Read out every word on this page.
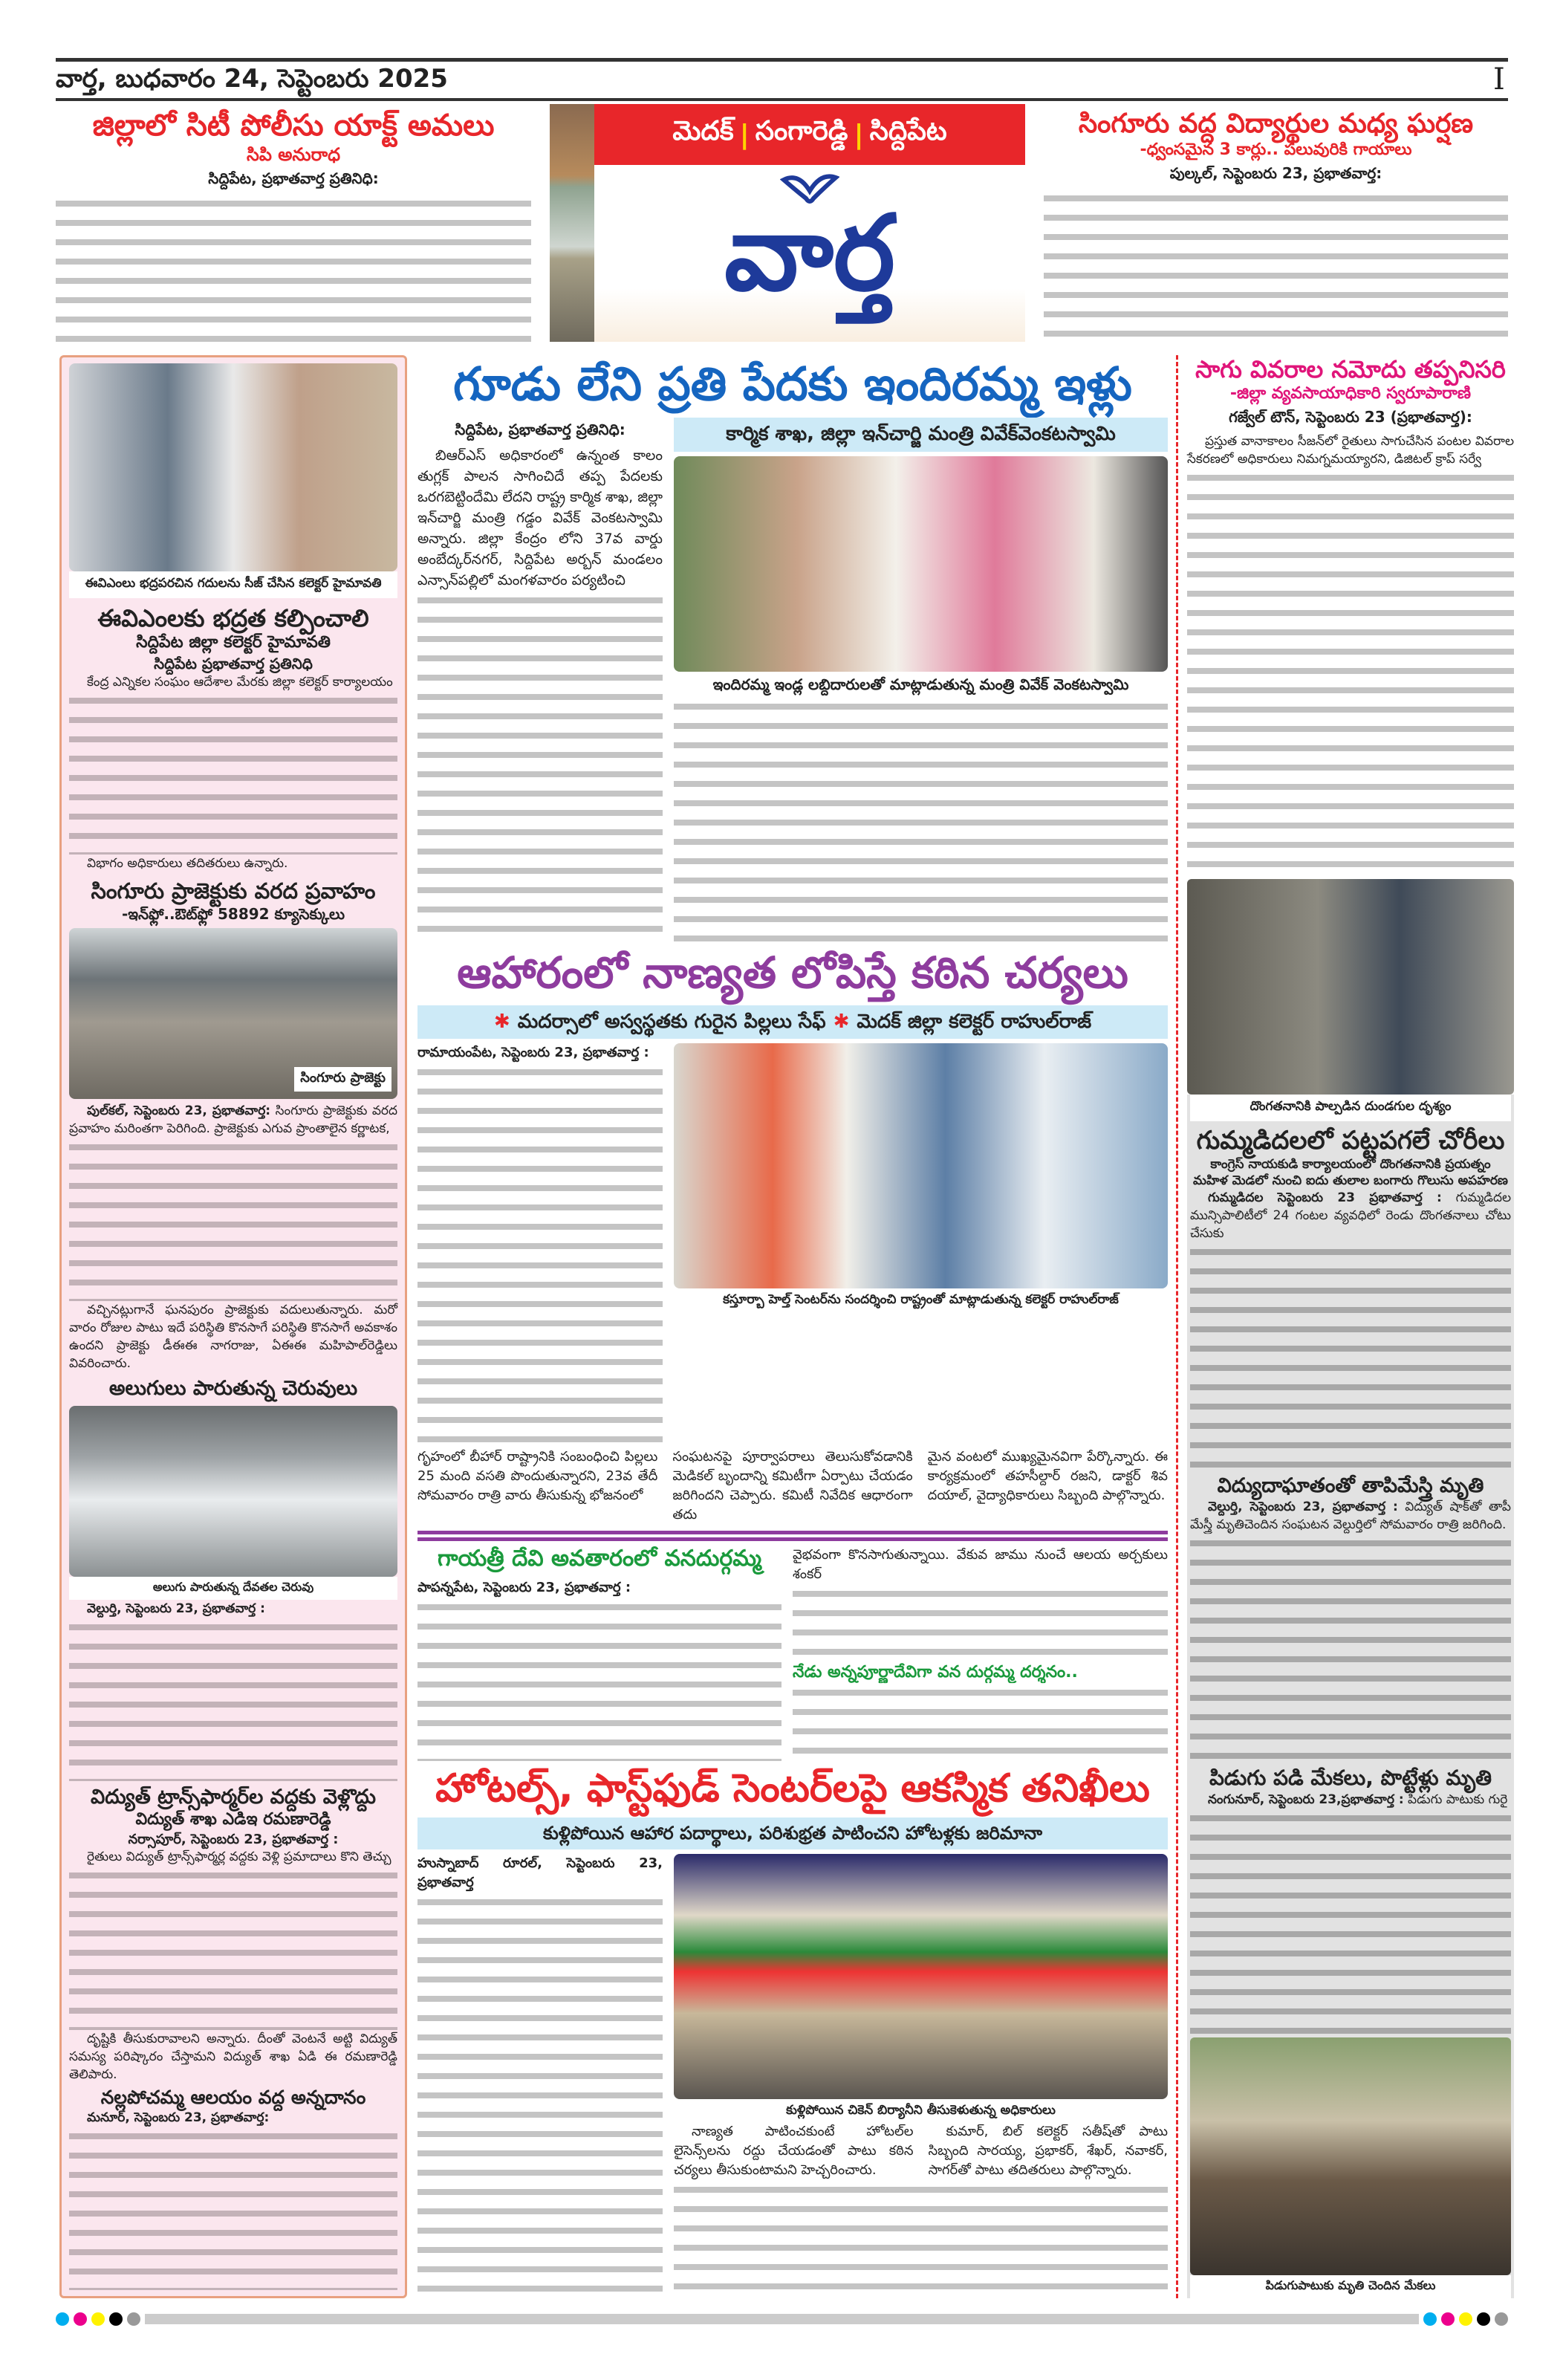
వార్త, బుధవారం 24, సెప్టెంబరు 2025	I
జిల్లాలో సిటీ పోలీసు యాక్ట్ అమలు
సిపి అనురాధ
సిద్దిపేట, ప్రభాతవార్త ప్రతినిధి:
మెదక్ | సంగారెడ్డి | సిద్దిపేట
వార్త
సింగూరు వద్ద విద్యార్థుల మధ్య ఘర్షణ
-ధ్వంసమైన 3 కార్లు.. పలువురికి గాయాలు
పుల్కల్, సెప్టెంబరు 23, ప్రభాతవార్త:
ఈవిఎంలు భద్రపరచిన గదులను సీజ్ చేసిన కలెక్టర్ హైమావతి
ఈవిఎంలకు భద్రత కల్పించాలి
సిద్దిపేట జిల్లా కలెక్టర్ హైమావతి
సిద్దిపేట ప్రభాతవార్త ప్రతినిధి
కేంద్ర ఎన్నికల సంఘం ఆదేశాల మేరకు జిల్లా కలెక్టర్ కార్యాలయం
విభాగం అధికారులు తదితరులు ఉన్నారు.
సింగూరు ప్రాజెక్టుకు వరద ప్రవాహం
-ఇన్‌ఫ్లో..ఔట్‌ఫ్లో 58892 క్యూసెక్కులు
సింగూరు ప్రాజెక్టు
పుల్‌కల్, సెప్టెంబరు 23, ప్రభాతవార్త: సింగూరు ప్రాజెక్టుకు వరద ప్రవాహం మరింతగా పెరిగింది. ప్రాజెక్టుకు ఎగువ ప్రాంతాలైన కర్ణాటక,
వచ్చినట్లుగానే ఘనపురం ప్రాజెక్టుకు వదులుతున్నారు. మరో వారం రోజుల పాటు ఇదే పరిస్థితి కొనసాగే పరిస్థితి కొనసాగే అవకాశం ఉందని ప్రాజెక్టు డీఈఈ నాగరాజు, ఏఈఈ మహిపాల్‌రెడ్డిలు వివరించారు.
అలుగులు పారుతున్న చెరువులు
అలుగు పారుతున్న దేవతల చెరువు
వెల్దుర్తి, సెప్టెంబరు 23, ప్రభాతవార్త :
విద్యుత్ ట్రాన్స్‌ఫార్మర్‌ల వద్దకు వెళ్లొద్దు
విద్యుత్ శాఖ ఎడిఇ రమణారెడ్డి
నర్సాపూర్, సెప్టెంబరు 23, ప్రభాతవార్త :
రైతులు విద్యుత్ ట్రాన్స్‌ఫార్మర్ల వద్దకు వెళ్లి ప్రమాదాలు కొని తెచ్చు
దృష్టికి తీసుకురావాలని అన్నారు. దీంతో వెంటనే అట్టి విద్యుత్ సమస్య పరిష్కారం చేస్తామని విద్యుత్ శాఖ ఏడి ఈ రమణారెడ్డి తెలిపారు.
నల్లపోచమ్మ ఆలయం వద్ద అన్నదానం
మనూర్, సెప్టెంబరు 23, ప్రభాతవార్త:
గూడు లేని ప్రతి పేదకు ఇందిరమ్మ ఇళ్లు
సిద్దిపేట, ప్రభాతవార్త ప్రతినిధి:
బిఆర్ఎస్ అధికారంలో ఉన్నంత కాలం తుగ్లక్ పాలన సాగించిదే తప్ప పేదలకు ఒరగబెట్టిందేమి లేదని రాష్ట్ర కార్మిక శాఖ, జిల్లా ఇన్‌చార్జి మంత్రి గడ్డం వివేక్ వెంకటస్వామి అన్నారు. జిల్లా కేంద్రం లోని 37వ వార్డు అంబేద్కర్‌నగర్, సిద్దిపేట అర్బన్ మండలం ఎన్సాన్‌పల్లిలో మంగళవారం పర్యటించి
కార్మిక శాఖ, జిల్లా ఇన్‌చార్జి మంత్రి వివేక్‌వెంకటస్వామి
ఇందిరమ్మ ఇండ్ల లబ్దిదారులతో మాట్లాడుతున్న మంత్రి వివేక్ వెంకటస్వామి
ఆహారంలో నాణ్యత లోపిస్తే కఠిన చర్యలు
✱ మదర్సాలో అస్వస్థతకు గురైన పిల్లలు సేఫ్ ✱ మెదక్ జిల్లా కలెక్టర్ రాహుల్‌రాజ్
రామాయంపేట, సెప్టెంబరు 23, ప్రభాతవార్త :
కస్తూర్బా హెల్త్ సెంటర్‌ను సందర్శించి రాష్ట్రంతో మాట్లాడుతున్న కలెక్టర్ రాహుల్‌రాజ్
గృహంలో బీహార్ రాష్ట్రానికి సంబంధించి పిల్లలు 25 మంది వసతి పొందుతున్నారని, 23వ తేదీ సోమవారం రాత్రి వారు తీసుకున్న భోజనంలో
సంఘటనపై పూర్వాపరాలు తెలుసుకోవడానికి మెడికల్ బృందాన్ని కమిటీగా ఏర్పాటు చేయడం జరిగిందని చెప్పారు. కమిటీ నివేదిక ఆధారంగా తదు
మైన వంటలో ముఖ్యమైనవిగా పేర్కొన్నారు. ఈ కార్యక్రమంలో తహసీల్దార్ రజని, డాక్టర్ శివ దయాల్, వైద్యాధికారులు సిబ్బంది పాల్గొన్నారు.
గాయత్రీ దేవి అవతారంలో వనదుర్గమ్మ
పాపన్నపేట, సెప్టెంబరు 23, ప్రభాతవార్త :
వైభవంగా కొనసాగుతున్నాయి. వేకువ జాము నుంచే ఆలయ అర్చకులు శంకర్
నేడు అన్నపూర్ణాదేవిగా వన దుర్గమ్మ దర్శనం..
హోటల్స్, ఫాస్ట్‌ఫుడ్ సెంటర్‌లపై ఆకస్మిక తనిఖీలు
కుళ్లిపోయిన ఆహార పదార్థాలు, పరిశుభ్రత పాటించని హోటళ్లకు జరిమానా
హుస్నాబాద్ రూరల్, సెప్టెంబరు 23, ప్రభాతవార్త
కుళ్లిపోయిన చికెన్ బిర్యానీని తీసుకెళుతున్న అధికారులు
నాణ్యత పాటించకుంటే హోటల్‌ల లైసెన్స్‌లను రద్దు చేయడంతో పాటు కఠిన చర్యలు తీసుకుంటామని హెచ్చరించారు.
కుమార్, బిల్ కలెక్టర్ సతీష్‌తో పాటు సిబ్బంది సారయ్య, ప్రభాకర్, శేఖర్, నవాకర్, సాగర్‌తో పాటు తదితరులు పాల్గొన్నారు.
సాగు వివరాల నమోదు తప్పనిసరి
-జిల్లా వ్యవసాయాధికారి స్వరూపారాణి
గజ్వేల్ టౌన్, సెప్టెంబరు 23 (ప్రభాతవార్త):
ప్రస్తుత వానాకాలం సీజన్‌లో రైతులు సాగుచేసిన పంటల వివరాల సేకరణలో అధికారులు నిమగ్నమయ్యారని, డిజిటల్ క్రాప్ సర్వే
దొంగతనానికి పాల్పడిన దుండగుల దృశ్యం
గుమ్మడిదలలో పట్టపగలే చోరీలు
కాంగ్రెస్ నాయకుడి కార్యాలయంలో దొంగతనానికి ప్రయత్నం
మహిళ మెడలో నుంచి ఐదు తులాల బంగారు గొలుసు అపహరణ
గుమ్మడిదల సెప్టెంబరు 23 ప్రభాతవార్త : గుమ్మడిదల మున్సిపాలిటీలో 24 గంటల వ్యవధిలో రెండు దొంగతనాలు చోటు చేసుకు
విద్యుదాఘాతంతో తాపిమేస్త్రి మృతి
వెల్దుర్తి, సెప్టెంబరు 23, ప్రభాతవార్త : విద్యుత్ షాక్‌తో తాపీ మేస్త్రీ మృతిచెందిన సంఘటన వెల్దుర్తిలో సోమవారం రాత్రి జరిగింది.
పిడుగు పడి మేకలు, పొట్టేళ్లు మృతి
నంగునూర్, సెప్టెంబరు 23,ప్రభాతవార్త : పిడుగు పాటుకు గురై
పిడుగుపాటుకు మృతి చెందిన మేకలు
